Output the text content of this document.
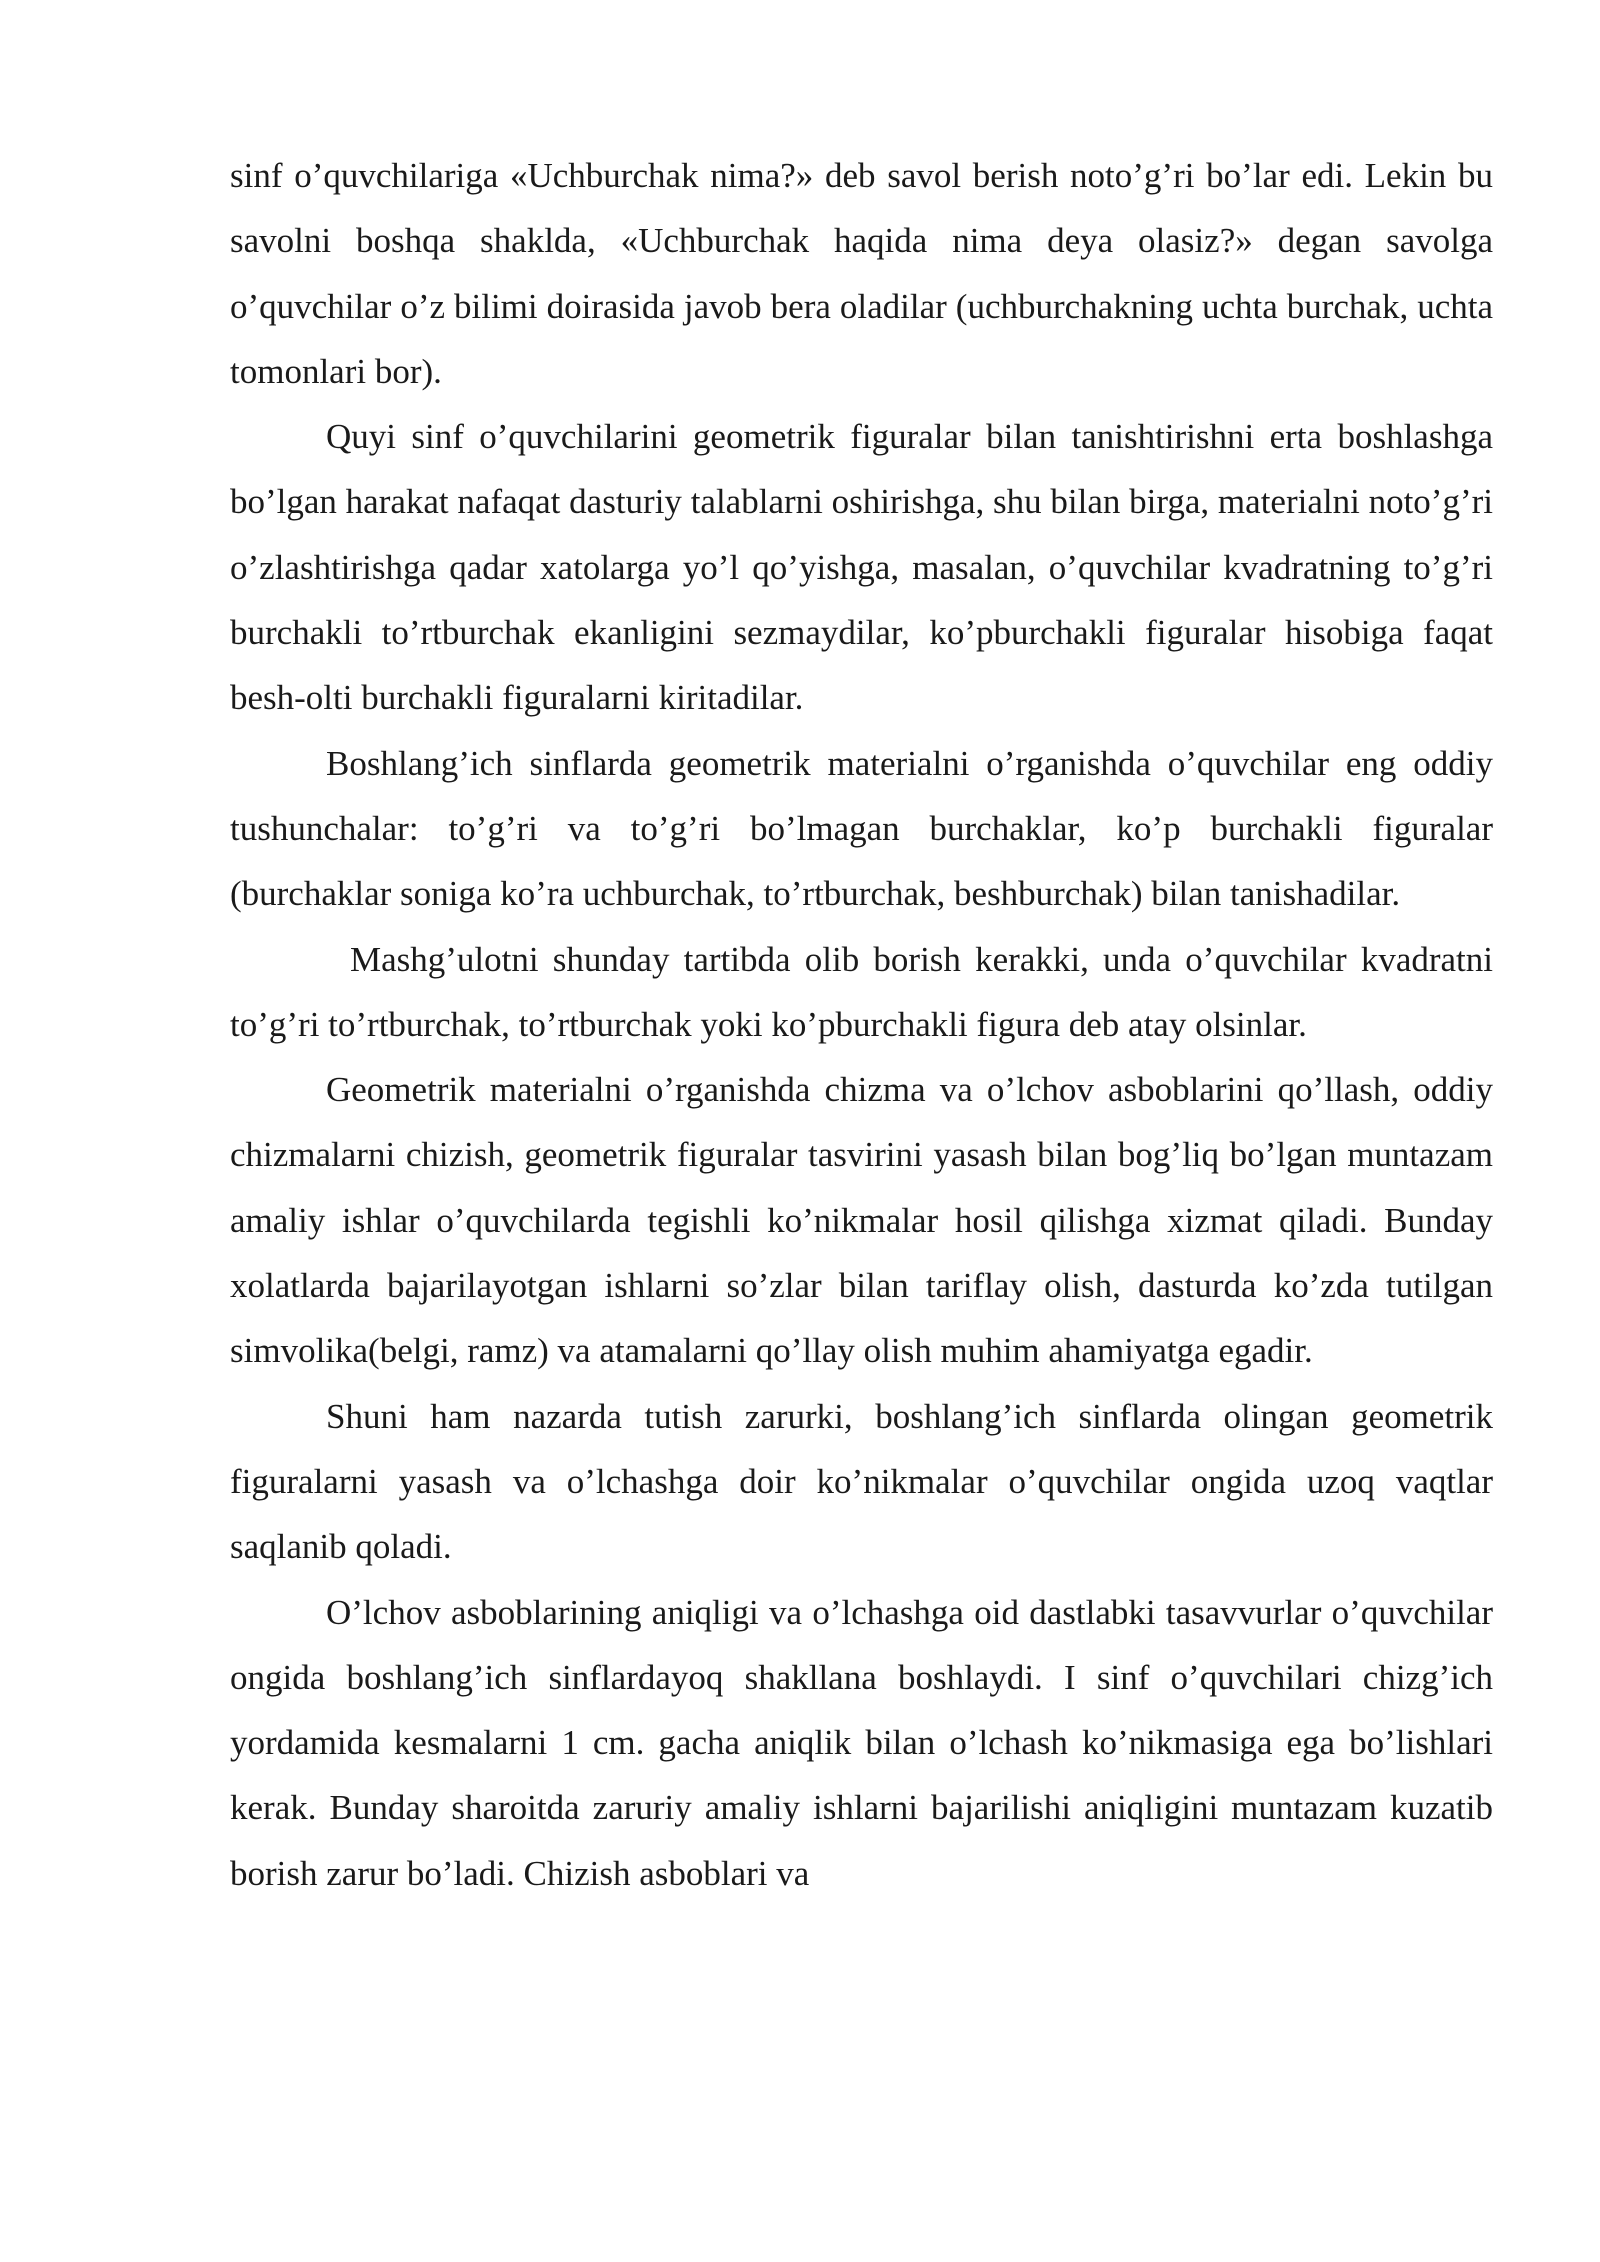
sinf o’quvchilariga «Uchburchak nima?» deb savol berish noto’g’ri bo’lar edi. Lekin bu savolni boshqa shaklda, «Uchburchak haqida nima deya olasiz?» degan savolga o’quvchilar o’z bilimi doirasida javob bera oladilar (uchburchakning uchta burchak, uchta tomonlari bor).

Quyi sinf o’quvchilarini geometrik figuralar bilan tanishtirishni erta boshlashga bo’lgan harakat nafaqat dasturiy talablarni oshirishga, shu bilan birga, materialni noto’g’ri o’zlashtirishga qadar xatolarga yo’l qo’yishga, masalan, o’quvchilar kvadratning to’g’ri burchakli to’rtburchak ekanligini sezmaydilar, ko’pburchakli figuralar hisobiga faqat besh-olti burchakli figuralarni kiritadilar.

Boshlang’ich sinflarda geometrik materialni o’rganishda o’quvchilar eng oddiy tushunchalar: to’g’ri va to’g’ri bo’lmagan burchaklar, ko’p burchakli figuralar (burchaklar soniga ko’ra uchburchak, to’rtburchak, beshburchak) bilan tanishadilar.

Mashg’ulotni shunday tartibda olib borish kerakki, unda o’quvchilar kvadratni to’g’ri to’rtburchak, to’rtburchak yoki ko’pburchakli figura deb atay olsinlar.

Geometrik materialni o’rganishda chizma va o’lchov asboblarini qo’llash, oddiy chizmalarni chizish, geometrik figuralar tasvirini yasash bilan bog’liq bo’lgan muntazam amaliy ishlar o’quvchilarda tegishli ko’nikmalar hosil qilishga xizmat qiladi. Bunday xolatlarda bajarilayotgan ishlarni so’zlar bilan tariflay olish, dasturda ko’zda tutilgan simvolika(belgi, ramz) va atamalarni qo’llay olish muhim ahamiyatga egadir.

Shuni ham nazarda tutish zarurki, boshlang’ich sinflarda olingan geometrik figuralarni yasash va o’lchashga doir ko’nikmalar o’quvchilar ongida uzoq vaqtlar saqlanib qoladi.

O’lchov asboblarining aniqligi va o’lchashga oid dastlabki tasavvurlar o’quvchilar ongida boshlang’ich sinflardayoq shakllana boshlaydi. I sinf o’quvchilari chizg’ich yordamida kesmalarni 1 cm. gacha aniqlik bilan o’lchash ko’nikmasiga ega bo’lishlari kerak. Bunday sharoitda zaruriy amaliy ishlarni bajarilishi aniqligini muntazam kuzatib borish zarur bo’ladi. Chizish asboblari va
